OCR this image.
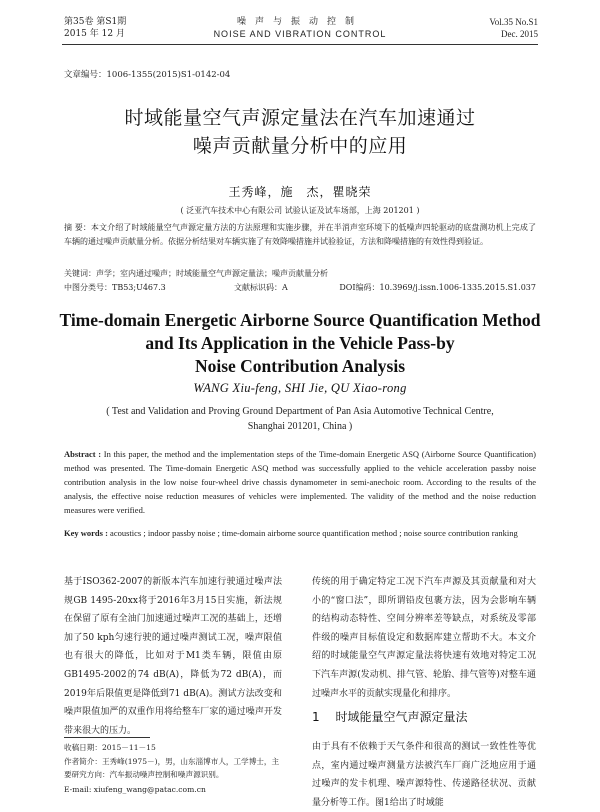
第35卷 第S1期
2015 年 12 月
噪声与振动控制
NOISE AND VIBRATION CONTROL
Vol.35 No.S1
Dec. 2015
文章编号：1006-1355(2015)S1-0142-04
时域能量空气声源定量法在汽车加速通过
噪声贡献量分析中的应用
王秀峰，施　杰，瞿晓荣
( 泛亚汽车技术中心有限公司 试验认证及试车场部，上海 201201 )
摘 要：本文介绍了时域能量空气声源定量方法的方法原理和实施步骤，并在半消声室环境下的低噪声四轮驱动的底盘测功机上完成了车辆的通过噪声贡献量分析。依据分析结果对车辆实施了有效降噪措施并试验验证，方法和降噪措施的有效性得到验证。
关键词：声学；室内通过噪声；时域能量空气声源定量法；噪声贡献量分析
中图分类号：TB53;U467.3	文献标识码：A	DOI编码：10.3969/j.issn.1006-1335.2015.S1.037
Time-domain Energetic Airborne Source Quantification Method
and Its Application in the Vehicle Pass-by
Noise Contribution Analysis
WANG Xiu-feng, SHI Jie, QU Xiao-rong
( Test and Validation and Proving Ground Department of Pan Asia Automotive Technical Centre,
Shanghai 201201, China )
Abstract : In this paper, the method and the implementation steps of the Time-domain Energetic ASQ (Airborne Source Quantification) method was presented. The Time-domain Energetic ASQ method was successfully applied to the vehicle acceleration passby noise contribution analysis in the low noise four-wheel drive chassis dynamometer in semi-anechoic room. According to the results of the analysis, the effective noise reduction measures of vehicles were implemented. The validity of the method and the noise reduction measures were verified.
Key words : acoustics ; indoor passby noise ; time-domain airborne source quantification method ; noise source contribution ranking
基于ISO362-2007的新版本汽车加速行驶通过噪声法规GB 1495-20xx将于2016年3月15日实施，新法规在保留了原有全油门加速通过噪声工况的基础上，还增加了50 kph匀速行驶的通过噪声测试工况，噪声限值也有很大的降低，比如对于M1类车辆，限值由原GB1495-2002的74 dB(A)，降低为72 dB(A)，而2019年后限值更是降低到71 dB(A)。测试方法改变和噪声限值加严的双重作用将给整车厂家的通过噪声开发带来很大的压力。
传统的用于确定特定工况下汽车声源及其贡献量和对大小的“窗口法”，即所谓铅皮包裹方法，因为会影响车辆的结构动态特性、空间分辨率差等缺点，对系统及零部件级的噪声目标值设定和数据库建立帮助不大。本文介绍的时域能量空气声源定量法将快速有效地对特定工况下汽车声源(发动机、排气管、轮胎、排气管等)对整车通过噪声水平的贡献实现量化和排序。
1 时域能量空气声源定量法
由于具有不依赖于天气条件和很高的测试一致性性等优点，室内通过噪声测量方法被汽车厂商广泛地应用于通过噪声的发卡机理、噪声源特性、传递路径状况、贡献量分析等工作。图1给出了时域能
收稿日期：2015－11－15
作者简介：王秀峰(1975－)，男，山东淄博市人，工学博士，主要研究方向：汽车振动噪声控制和噪声源识别。
E-mail: xiufeng_wang@patac.com.cn
